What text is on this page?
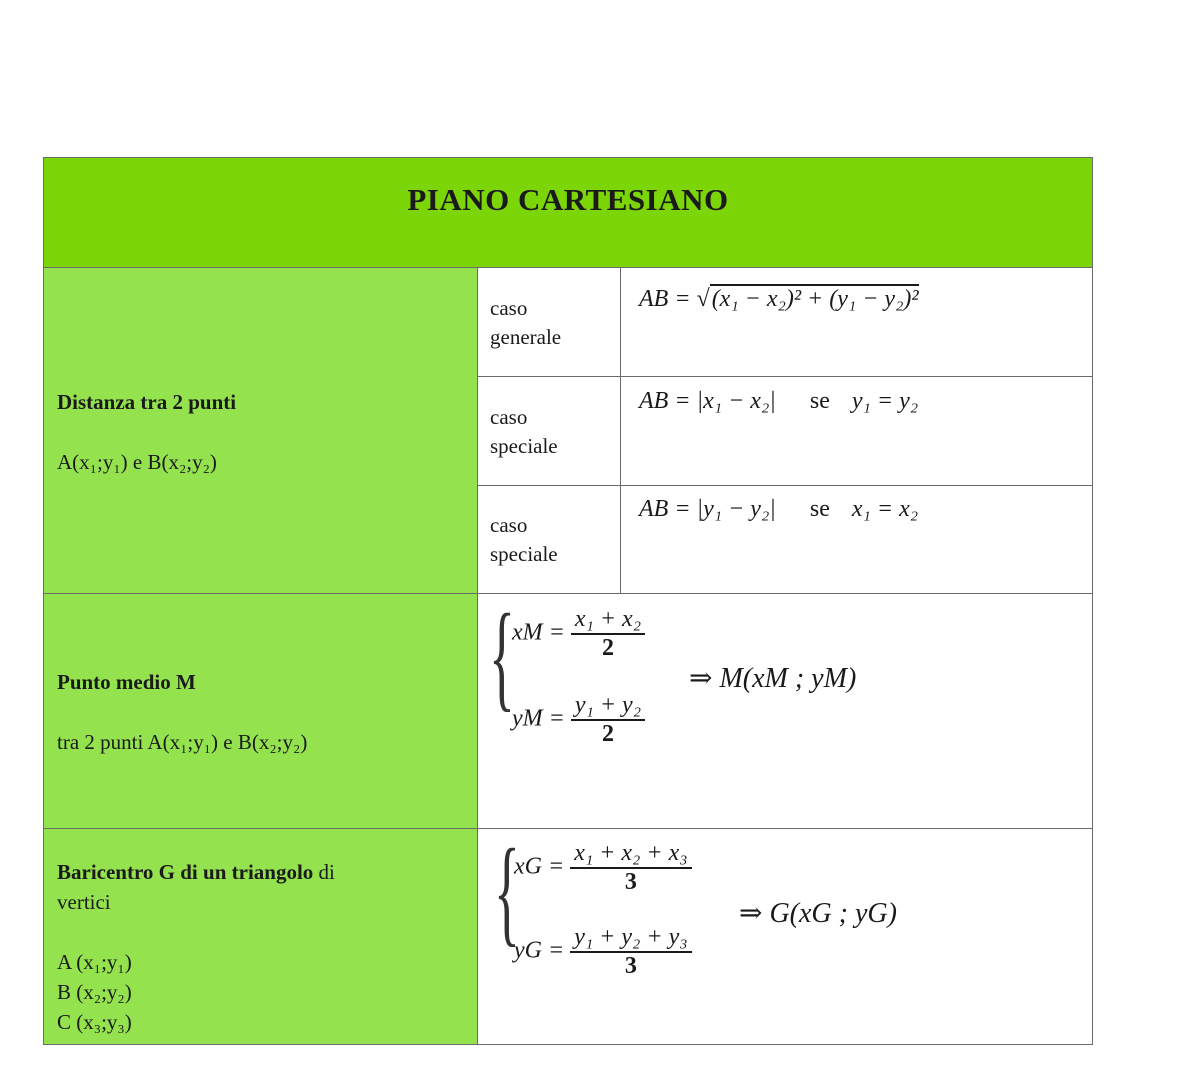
PIANO CARTESIANO
Distanza tra 2 punti
A(x₁;y₁) e B(x₂;y₂)
caso
generale
AB = √(x₁ − x₂)² + (y₁ − y₂)²
caso
speciale
AB = |x₁ − x₂| se y₁ = y₂
caso
speciale
AB = |y₁ − y₂| se x₁ = x₂
Punto medio M
tra 2 punti A(x₁;y₁) e B(x₂;y₂)
{
xM = $\frac{\text{x₁ + x₂}}{2}$
yM = $\frac{\text{y₁ + y₂}}{2}$
⇒ M(xM ; yM)
Baricentro G di un triangolo di
vertici
A (x₁;y₁)
B (x₂;y₂)
C (x₃;y₃)
{
xG = $\frac{\text{x₁ + x₂ + x₃}}{3}$
yG = $\frac{\text{y₁ + y₂ + y₃}}{3}$
⇒ G(xG ; yG)
